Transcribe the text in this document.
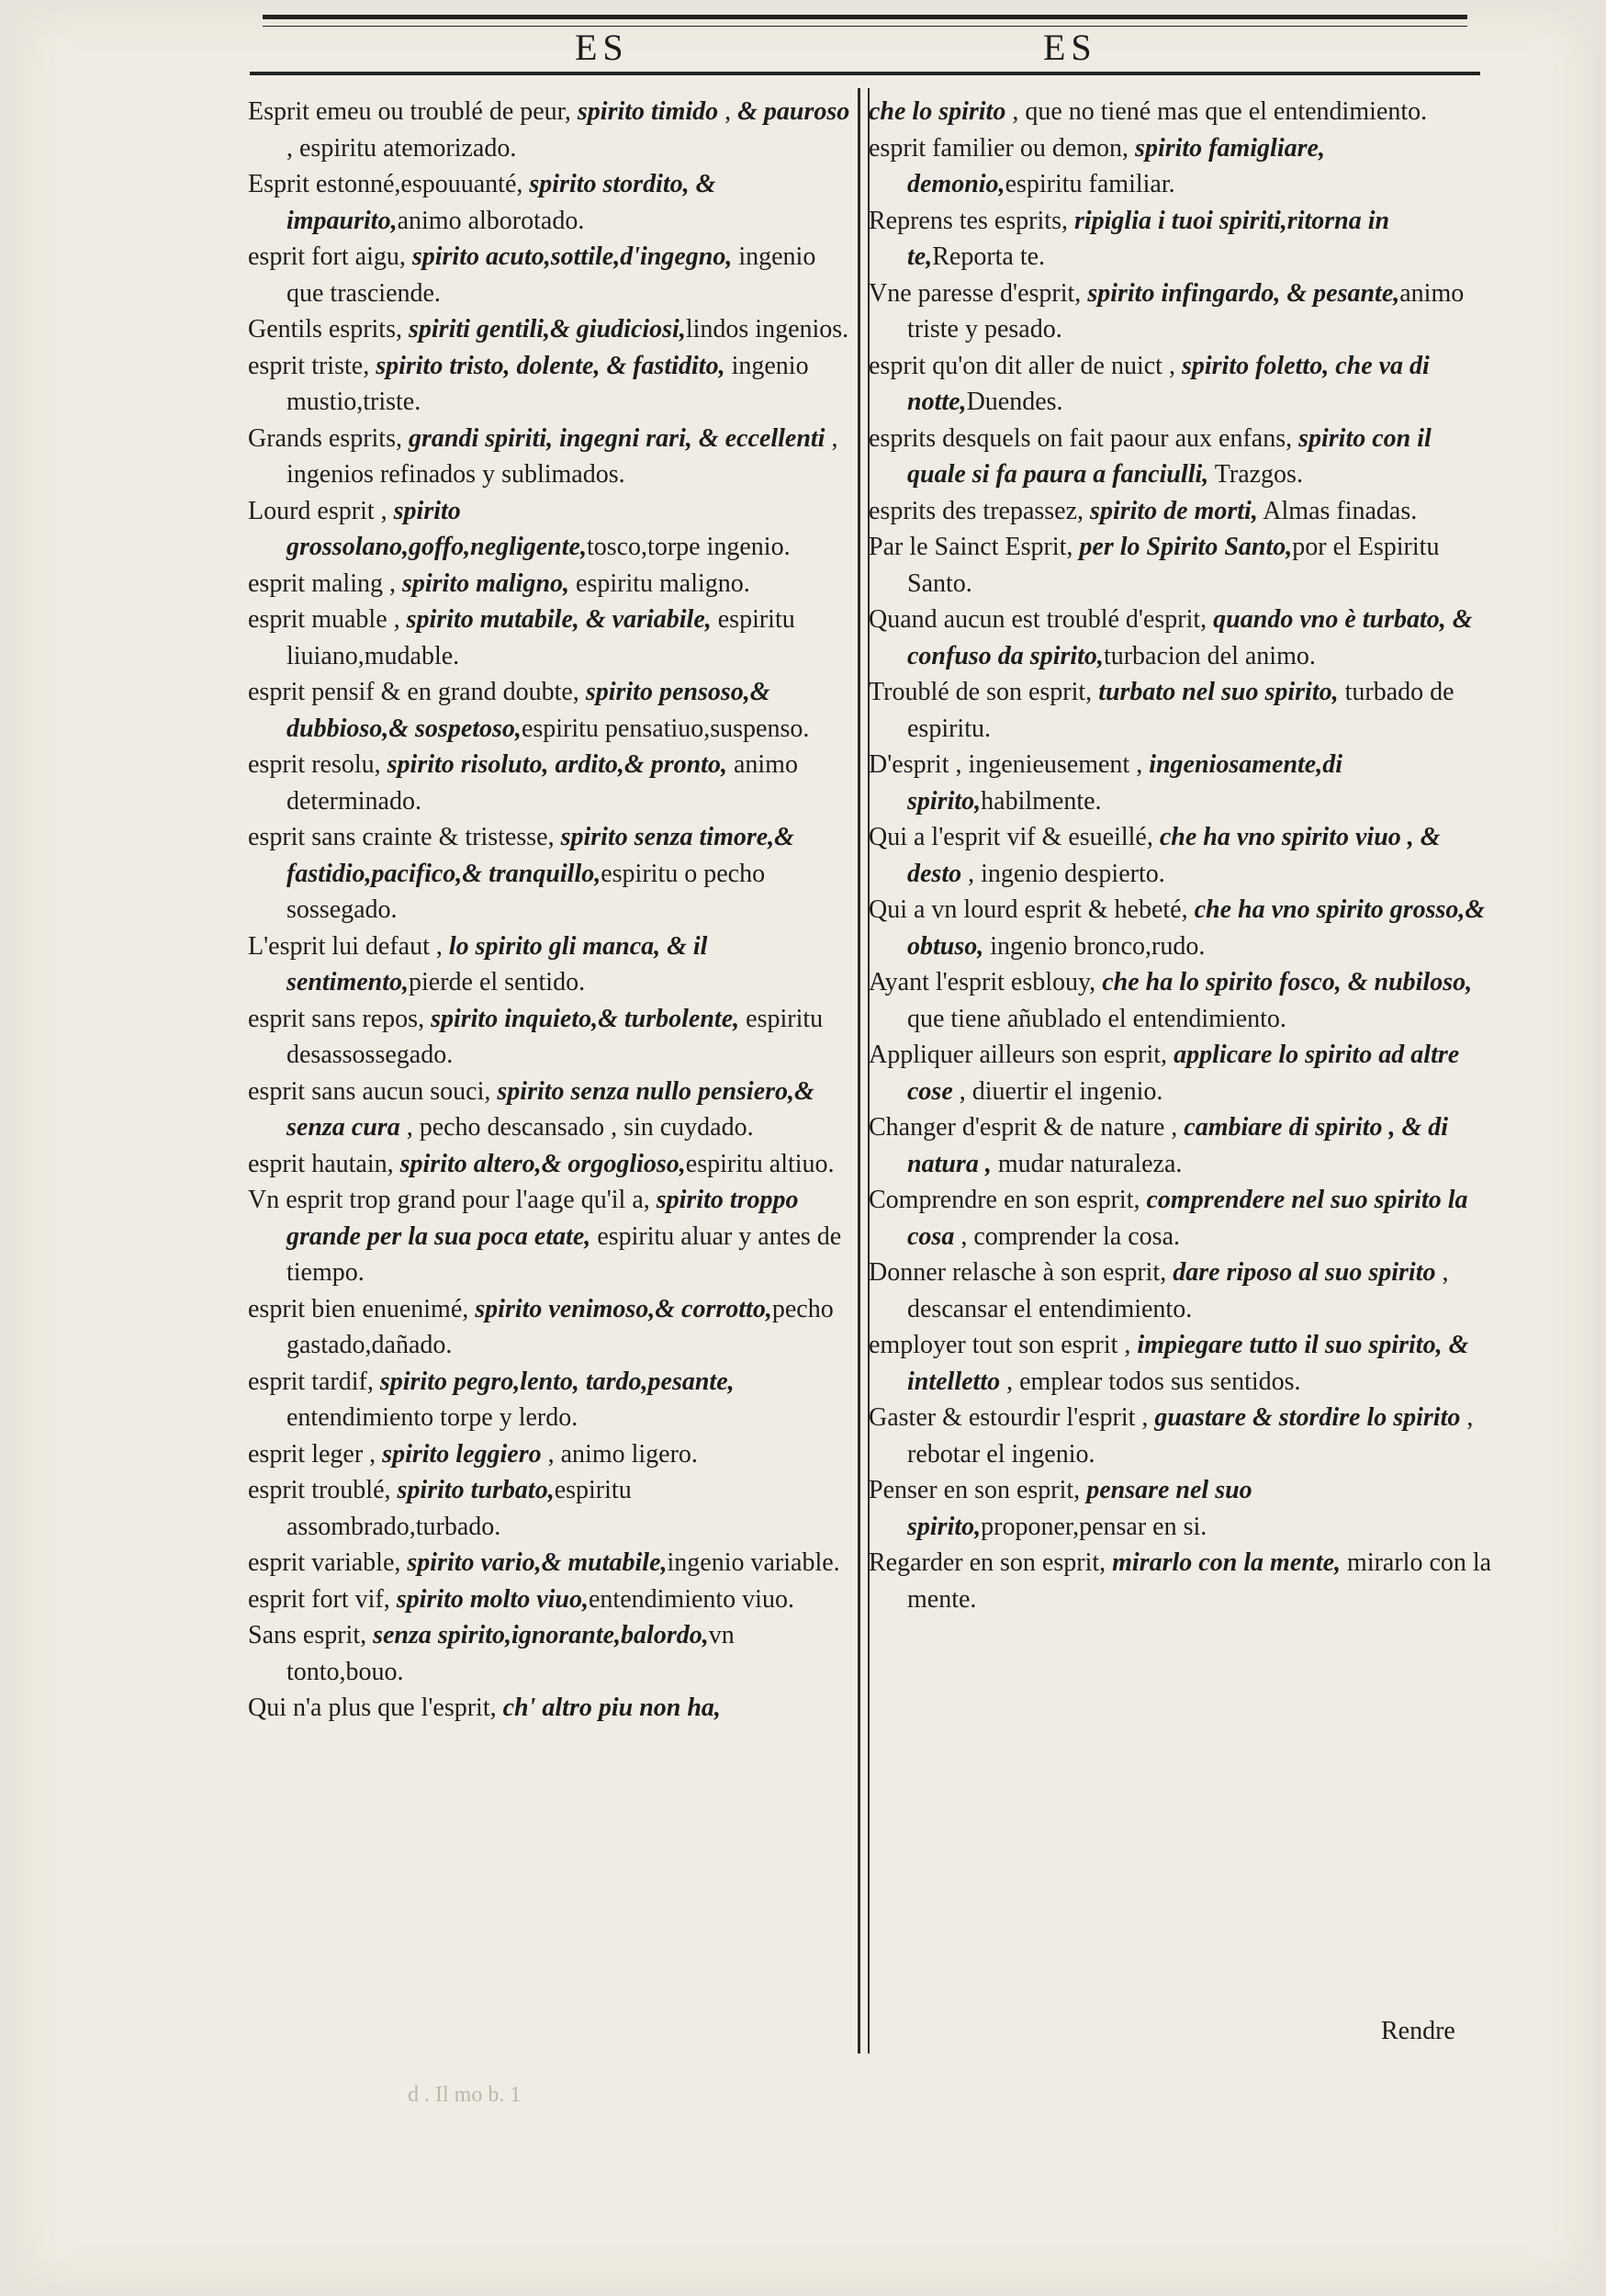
ES	ES

Esprit emeu ou troublé de peur, spirito timido , & pauroso , espiritu atemorizado.

Esprit estonné,espouuanté, spirito stordito, & impaurito,animo alborotado.

esprit fort aigu, spirito acuto,sottile,d'ingegno, ingenio que trasciende.

Gentils esprits, spiriti gentili,& giudiciosi,lindos ingenios.

esprit triste, spirito tristo, dolente, & fastidito, ingenio mustio,triste.

Grands esprits, grandi spiriti, ingegni rari, & eccellenti , ingenios refinados y sublimados.

Lourd esprit , spirito grossolano,goffo,negligente,tosco,torpe ingenio.

esprit maling , spirito maligno, espiritu maligno.

esprit muable , spirito mutabile, & variabile, espiritu liuiano,mudable.

esprit pensif & en grand doubte, spirito pensoso,& dubbioso,& sospetoso,espiritu pensatiuo,suspenso.

esprit resolu, spirito risoluto, ardito,& pronto, animo determinado.

esprit sans crainte & tristesse, spirito senza timore,& fastidio,pacifico,& tranquillo,espiritu o pecho sossegado.

L'esprit lui defaut , lo spirito gli manca, & il sentimento,pierde el sentido.

esprit sans repos, spirito inquieto,& turbolente, espiritu desassossegado.

esprit sans aucun souci, spirito senza nullo pensiero,& senza cura , pecho descansado , sin cuydado.

esprit hautain, spirito altero,& orgoglioso,espiritu altiuo.

Vn esprit trop grand pour l'aage qu'il a, spirito troppo grande per la sua poca etate, espiritu aluar y antes de tiempo.

esprit bien enuenimé, spirito venimoso,& corrotto,pecho gastado,dañado.

esprit tardif, spirito pegro,lento, tardo,pesante, entendimiento torpe y lerdo.

esprit leger , spirito leggiero , animo ligero.

esprit troublé, spirito turbato,espiritu assombrado,turbado.

esprit variable, spirito vario,& mutabile,ingenio variable.

esprit fort vif, spirito molto viuo,entendimiento viuo.

Sans esprit, senza spirito,ignorante,balordo,vn tonto,bouo.

Qui n'a plus que l'esprit, ch' altro piu non ha,

che lo spirito , que no tiené mas que el entendimiento.

esprit familier ou demon, spirito famigliare, demonio,espiritu familiar.

Reprens tes esprits, ripiglia i tuoi spiriti,ritorna in te,Reporta te.

Vne paresse d'esprit, spirito infingardo, & pesante,animo triste y pesado.

esprit qu'on dit aller de nuict , spirito foletto, che va di notte,Duendes.

esprits desquels on fait paour aux enfans, spirito con il quale si fa paura a fanciulli, Trazgos.

esprits des trepassez, spirito de morti, Almas finadas.

Par le Sainct Esprit, per lo Spirito Santo,por el Espiritu Santo.

Quand aucun est troublé d'esprit, quando vno è turbato, & confuso da spirito,turbacion del animo.

Troublé de son esprit, turbato nel suo spirito, turbado de espiritu.

D'esprit , ingenieusement , ingeniosamente,di spirito,habilmente.

Qui a l'esprit vif & esueillé, che ha vno spirito viuo , & desto , ingenio despierto.

Qui a vn lourd esprit & hebeté, che ha vno spirito grosso,& obtuso, ingenio bronco,rudo.

Ayant l'esprit esblouy, che ha lo spirito fosco, & nubiloso, que tiene añublado el entendimiento.

Appliquer ailleurs son esprit, applicare lo spirito ad altre cose , diuertir el ingenio.

Changer d'esprit & de nature , cambiare di spirito , & di natura , mudar naturaleza.

Comprendre en son esprit, comprendere nel suo spirito la cosa , comprender la cosa.

Donner relasche à son esprit, dare riposo al suo spirito , descansar el entendimiento.

employer tout son esprit , impiegare tutto il suo spirito, & intelletto , emplear todos sus sentidos.

Gaster & estourdir l'esprit , guastare & stordire lo spirito , rebotar el ingenio.

Penser en son esprit, pensare nel suo spirito,proponer,pensar en si.

Regarder en son esprit, mirarlo con la mente, mirarlo con la mente.

Rendre
d . Il mo b. 1
